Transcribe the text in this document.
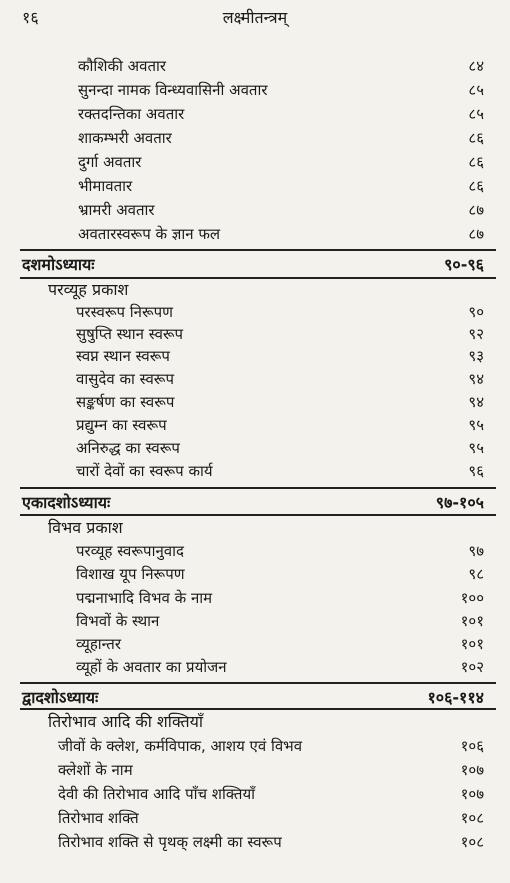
१६	लक्ष्मीतन्त्रम्
कौशिकी अवतार	८४
सुनन्दा नामक विन्ध्यवासिनी अवतार	८५
रक्तदन्तिका अवतार	८५
शाकम्भरी अवतार	८६
दुर्गा अवतार	८६
भीमावतार	८६
भ्रामरी अवतार	८७
अवतारस्वरूप के ज्ञान फल	८७
दशमोऽध्यायः	९०-९६
परव्यूह प्रकाश
परस्वरूप निरूपण	९०
सुषुप्ति स्थान स्वरूप	९२
स्वप्न स्थान स्वरूप	९३
वासुदेव का स्वरूप	९४
सङ्कर्षण का स्वरूप	९४
प्रद्युम्न का स्वरूप	९५
अनिरुद्ध का स्वरूप	९५
चारों देवों का स्वरूप कार्य	९६
एकादशोऽध्यायः	९७-१०५
विभव प्रकाश
परव्यूह स्वरूपानुवाद	९७
विशाख यूप निरूपण	९८
पद्मनाभादि विभव के नाम	१००
विभवों के स्थान	१०१
व्यूहान्तर	१०१
व्यूहों के अवतार का प्रयोजन	१०२
द्वादशोऽध्यायः	१०६-११४
तिरोभाव आदि की शक्तियाँ
जीवों के क्लेश, कर्मविपाक, आशय एवं विभव	१०६
क्लेशों के नाम	१०७
देवी की तिरोभाव आदि पाँच शक्तियाँ	१०७
तिरोभाव शक्ति	१०८
तिरोभाव शक्ति से पृथक् लक्ष्मी का स्वरूप	१०८
